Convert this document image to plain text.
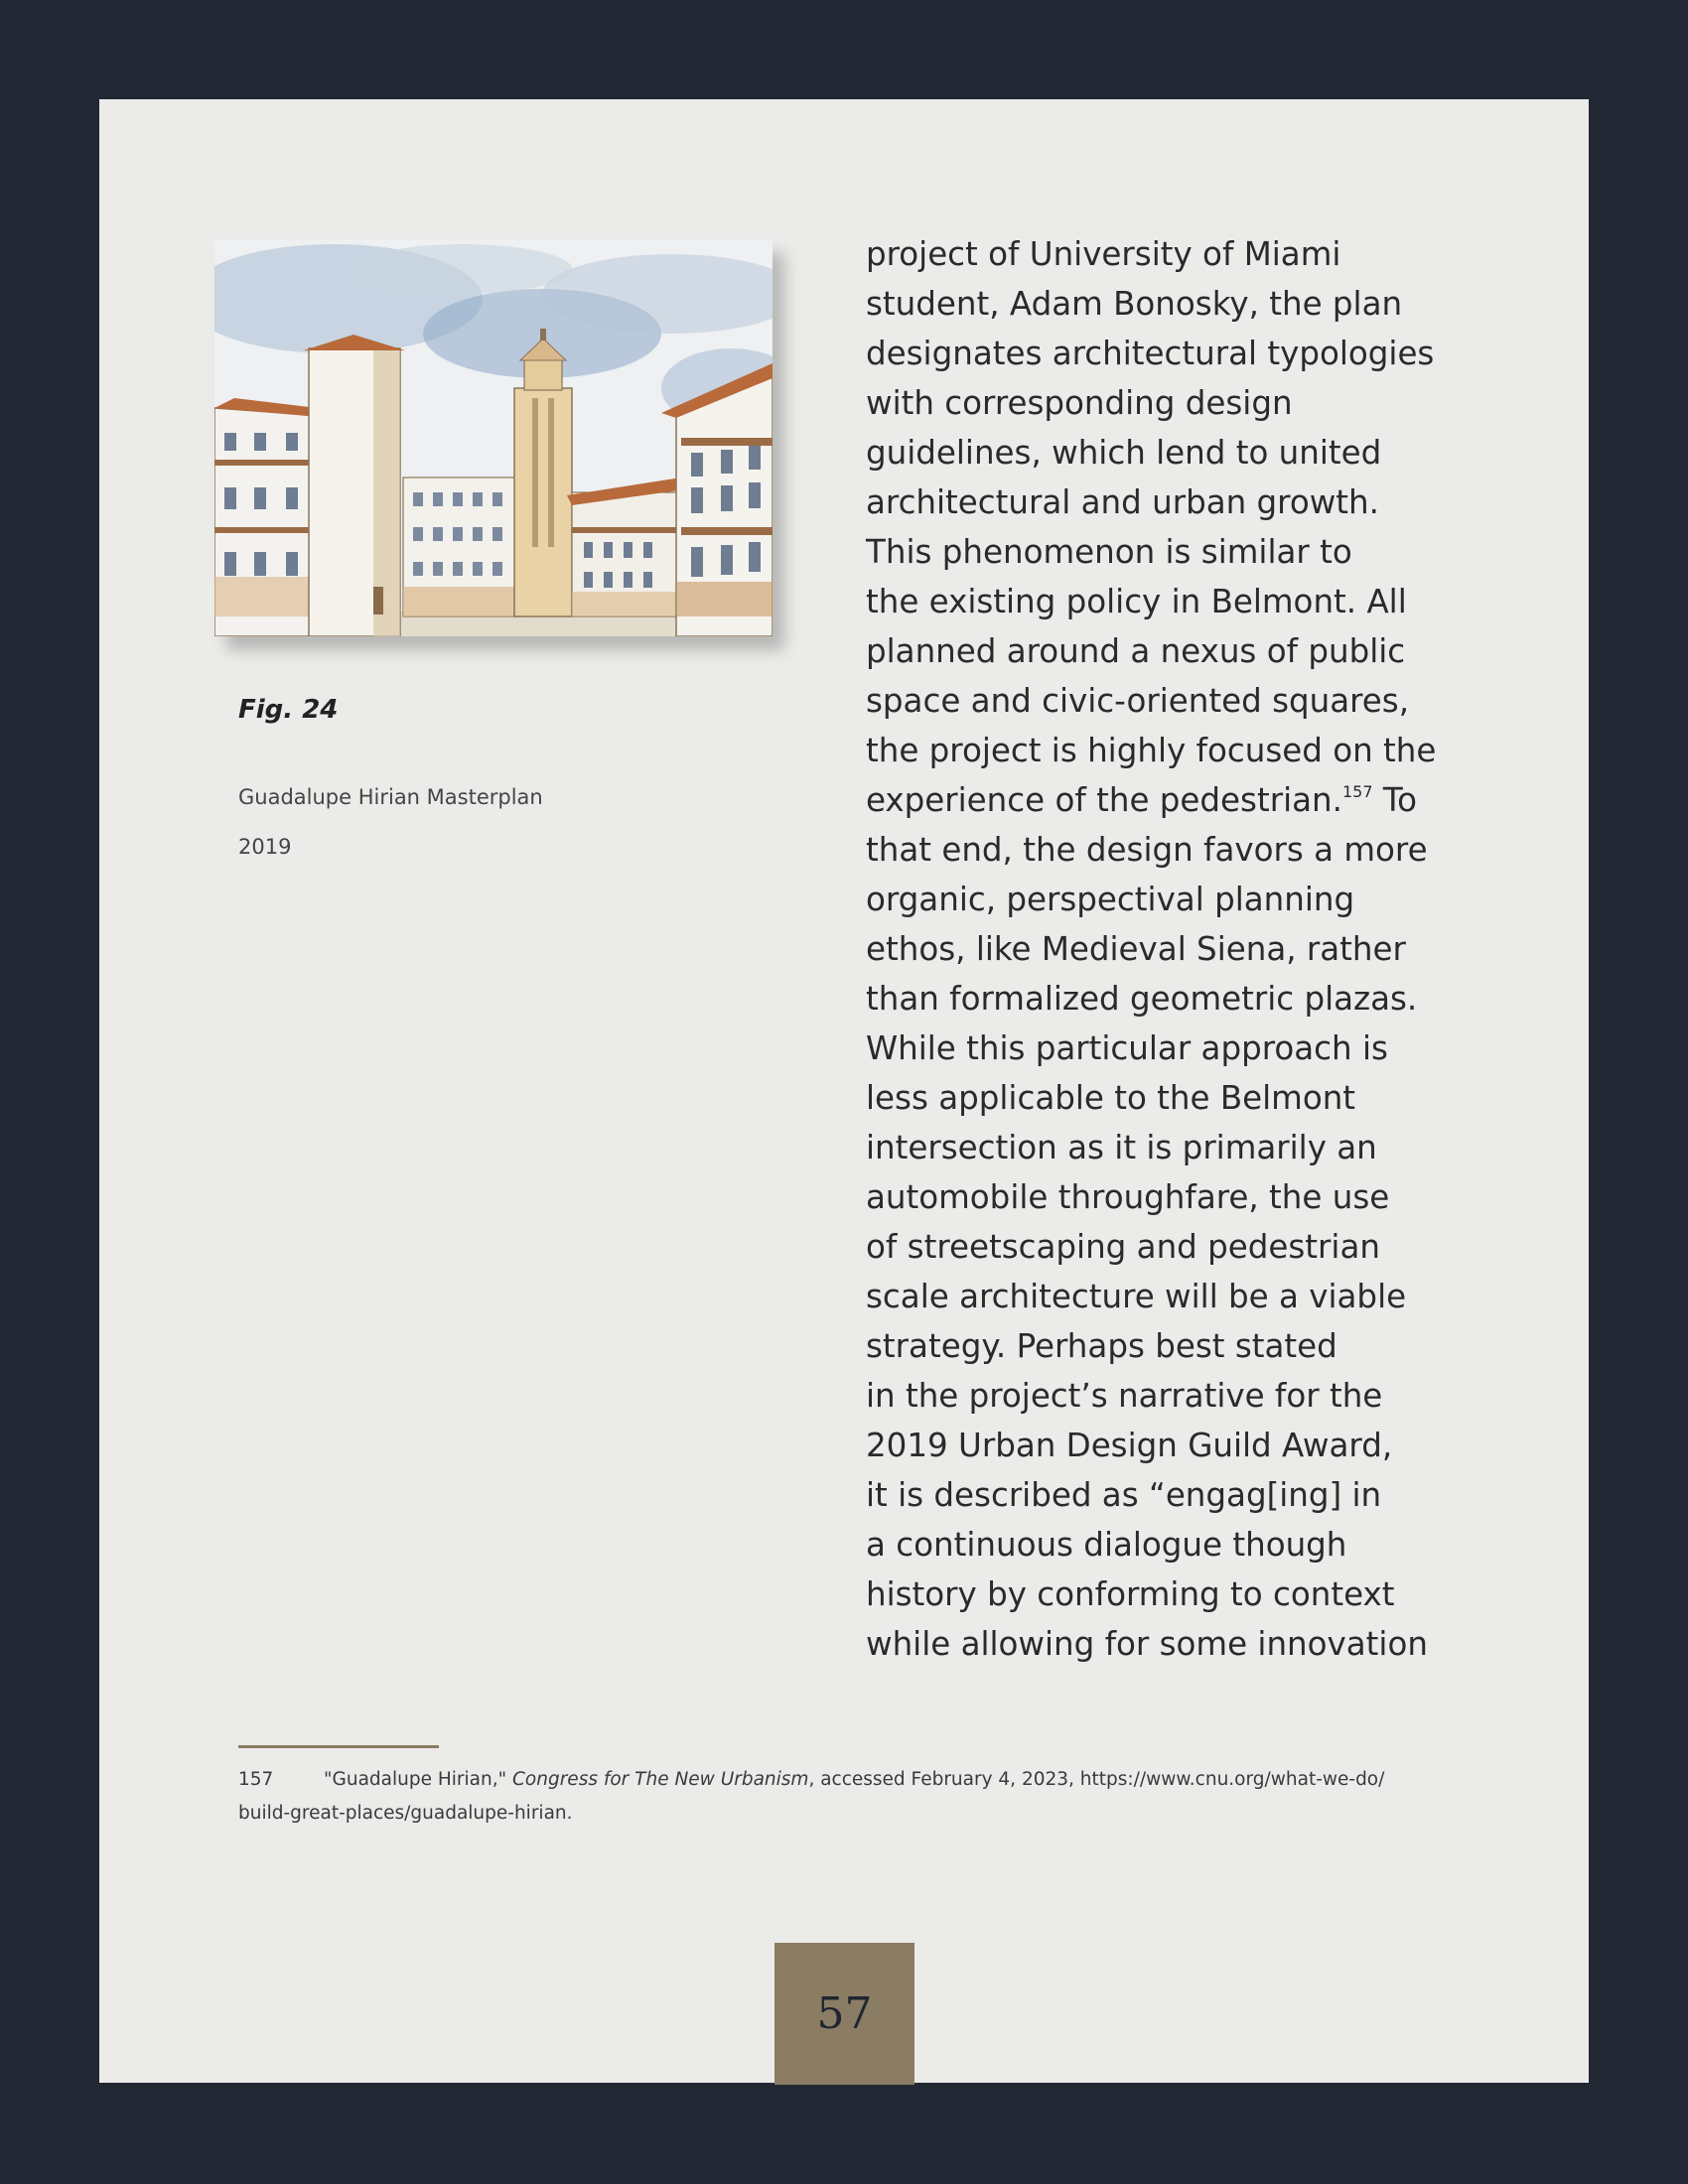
Fig. 24
Guadalupe Hirian Masterplan
2019
project of University of Miami
student, Adam Bonosky, the plan
designates architectural typologies
with corresponding design
guidelines, which lend to united
architectural and urban growth.
This phenomenon is similar to
the existing policy in Belmont. All
planned around a nexus of public
space and civic-oriented squares,
the project is highly focused on the
experience of the pedestrian.$^{157}$ To
that end, the design favors a more
organic, perspectival planning
ethos, like Medieval Siena, rather
than formalized geometric plazas.
While this particular approach is
less applicable to the Belmont
intersection as it is primarily an
automobile throughfare, the use
of streetscaping and pedestrian
scale architecture will be a viable
strategy. Perhaps best stated
in the project’s narrative for the
2019 Urban Design Guild Award,
it is described as “engag[ing] in
a continuous dialogue though
history by conforming to context
while allowing for some innovation
157	"Guadalupe Hirian," Congress for The New Urbanism, accessed February 4, 2023, https://www.cnu.org/what-we-do/
build-great-places/guadalupe-hirian.
57
